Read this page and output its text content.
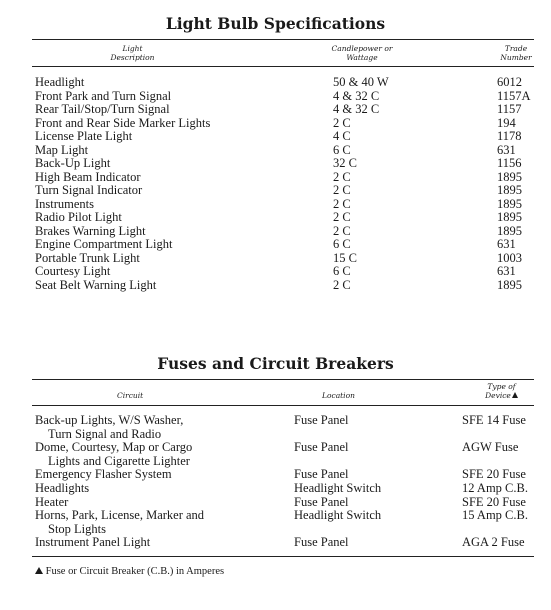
Light Bulb Specifications
Light
Description
Candlepower or
Wattage
Trade
Number
Headlight	50 & 40 W	6012
Front Park and Turn Signal	4 & 32 C	1157A
Rear Tail/Stop/Turn Signal	4 & 32 C	1157
Front and Rear Side Marker Lights	2 C	194
License Plate Light	4 C	1178
Map Light	6 C	631
Back-Up Light	32 C	1156
High Beam Indicator	2 C	1895
Turn Signal Indicator	2 C	1895
Instruments	2 C	1895
Radio Pilot Light	2 C	1895
Brakes Warning Light	2 C	1895
Engine Compartment Light	6 C	631
Portable Trunk Light	15 C	1003
Courtesy Light	6 C	631
Seat Belt Warning Light	2 C	1895
Fuses and Circuit Breakers
Circuit	Location
Type of
Device
Back-up Lights, W/S Washer,
Turn Signal and Radio
Fuse Panel	SFE 14 Fuse
Dome, Courtesy, Map or Cargo
Lights and Cigarette Lighter
Fuse Panel	AGW Fuse
Emergency Flasher System	Fuse Panel	SFE 20 Fuse
Headlights	Headlight Switch	12 Amp C.B.
Heater	Fuse Panel	SFE 20 Fuse
Horns, Park, License, Marker and
Stop Lights
Headlight Switch	15 Amp C.B.
Instrument Panel Light	Fuse Panel	AGA 2 Fuse
Fuse or Circuit Breaker (C.B.) in Amperes
